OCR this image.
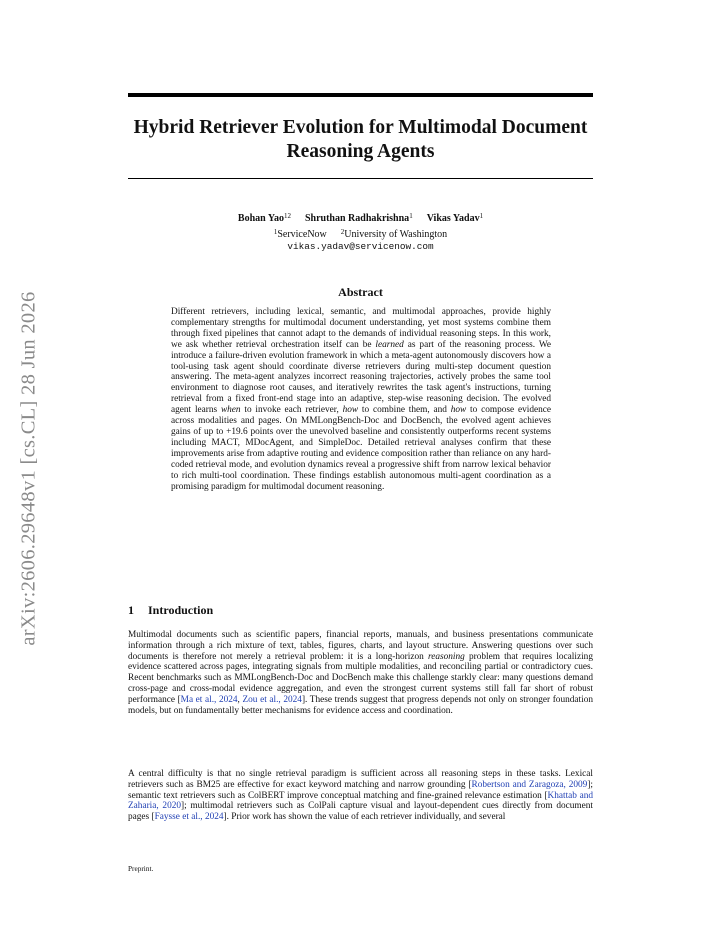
arXiv:2606.29648v1 [cs.CL] 28 Jun 2026
Hybrid Retriever Evolution for Multimodal Document Reasoning Agents
Bohan Yao$^{12}$ Shruthan Radhakrishna$^1$ Vikas Yadav$^1$
$^1$ServiceNow $^2$University of Washington
vikas.yadav@servicenow.com
Abstract

Different retrievers, including lexical, semantic, and multimodal approaches, provide highly complementary strengths for multimodal document understanding, yet most systems combine them through fixed pipelines that cannot adapt to the demands of individual reasoning steps. In this work, we ask whether retrieval orchestration itself can be learned as part of the reasoning process. We introduce a failure-driven evolution framework in which a meta-agent autonomously discovers how a tool-using task agent should coordinate diverse retrievers during multi-step document question answering. The meta-agent analyzes incorrect reasoning trajectories, actively probes the same tool environment to diagnose root causes, and iteratively rewrites the task agent's instructions, turning retrieval from a fixed front-end stage into an adaptive, step-wise reasoning decision. The evolved agent learns when to invoke each retriever, how to combine them, and how to compose evidence across modalities and pages. On MMLongBench-Doc and DocBench, the evolved agent achieves gains of up to +19.6 points over the unevolved baseline and consistently outperforms recent systems including MACT, MDocAgent, and SimpleDoc. Detailed retrieval analyses confirm that these improvements arise from adaptive routing and evidence composition rather than reliance on any hard-coded retrieval mode, and evolution dynamics reveal a progressive shift from narrow lexical behavior to rich multi-tool coordination. These findings establish autonomous multi-agent coordination as a promising paradigm for multimodal document reasoning.

1 Introduction

Multimodal documents such as scientific papers, financial reports, manuals, and business presentations communicate information through a rich mixture of text, tables, figures, charts, and layout structure. Answering questions over such documents is therefore not merely a retrieval problem: it is a long-horizon reasoning problem that requires localizing evidence scattered across pages, integrating signals from multiple modalities, and reconciling partial or contradictory cues. Recent benchmarks such as MMLongBench-Doc and DocBench make this challenge starkly clear: many questions demand cross-page and cross-modal evidence aggregation, and even the strongest current systems still fall far short of robust performance [Ma et al., 2024, Zou et al., 2024]. These trends suggest that progress depends not only on stronger foundation models, but on fundamentally better mechanisms for evidence access and coordination.

A central difficulty is that no single retrieval paradigm is sufficient across all reasoning steps in these tasks. Lexical retrievers such as BM25 are effective for exact keyword matching and narrow grounding [Robertson and Zaragoza, 2009]; semantic text retrievers such as ColBERT improve conceptual matching and fine-grained relevance estimation [Khattab and Zaharia, 2020]; multimodal retrievers such as ColPali capture visual and layout-dependent cues directly from document pages [Faysse et al., 2024]. Prior work has shown the value of each retriever individually, and several

Preprint.
